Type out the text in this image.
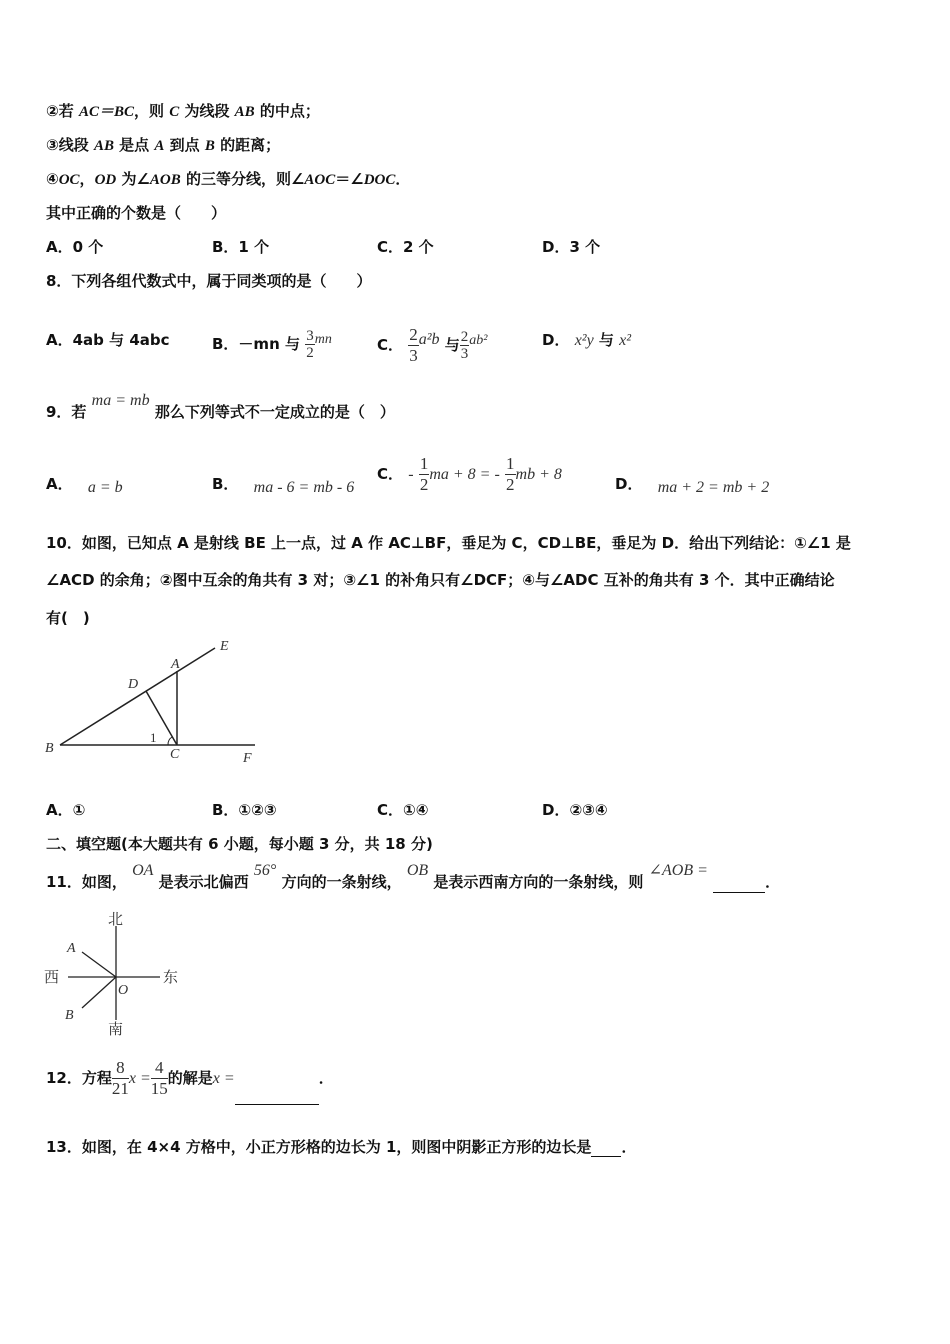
②若 AC＝BC，则 C 为线段 AB 的中点；
③线段 AB 是点 A 到点 B 的距离；
④OC，OD 为∠AOB 的三等分线，则∠AOC＝∠DOC．
其中正确的个数是（　　）
A．0 个	B．1 个	C．2 个	D．3 个
8．下列各组代数式中，属于同类项的是（　　）
A．4ab 与 4abc	B．－mn 与 $\frac{3}{2}$ mn	C． $\frac{2}{3} a^2b$ 与 $\frac{2}{3} ab^2$	D． x²y 与 x²
9．若 ma = mb 那么下列等式不一定成立的是（　）
A． a = b	B． ma - 6 = mb - 6
C． - $\frac{1}{2}$ ma + 8 = - $\frac{1}{2}$ mb + 8
D． ma + 2 = mb + 2
10．如图，已知点 A 是射线 BE 上一点，过 A 作 AC⊥BF，垂足为 C，CD⊥BE，垂足为 D．给出下列结论：①∠1 是
∠ACD 的余角；②图中互余的角共有 3 对；③∠1 的补角只有∠DCF；④与∠ADC 互补的角共有 3 个．其中正确结论
有(　)
A
B	C
D
E
F
1
A．①	B．①②③	C．①④	D．②③④
二、填空题(本大题共有 6 小题，每小题 3 分，共 18 分)
11．如图， OA 是表示北偏西 56° 方向的一条射线， OB 是表示西南方向的一条射线，则 ∠AOB = ．
北
南
西	东
A
B
O
12．方程 $\frac{8}{21}$ $x = \frac{4}{15}$ 的解是x =	．
13．如图，在 4×4 方格中，小正方形格的边长为 1，则图中阴影正方形的边长是 ．
